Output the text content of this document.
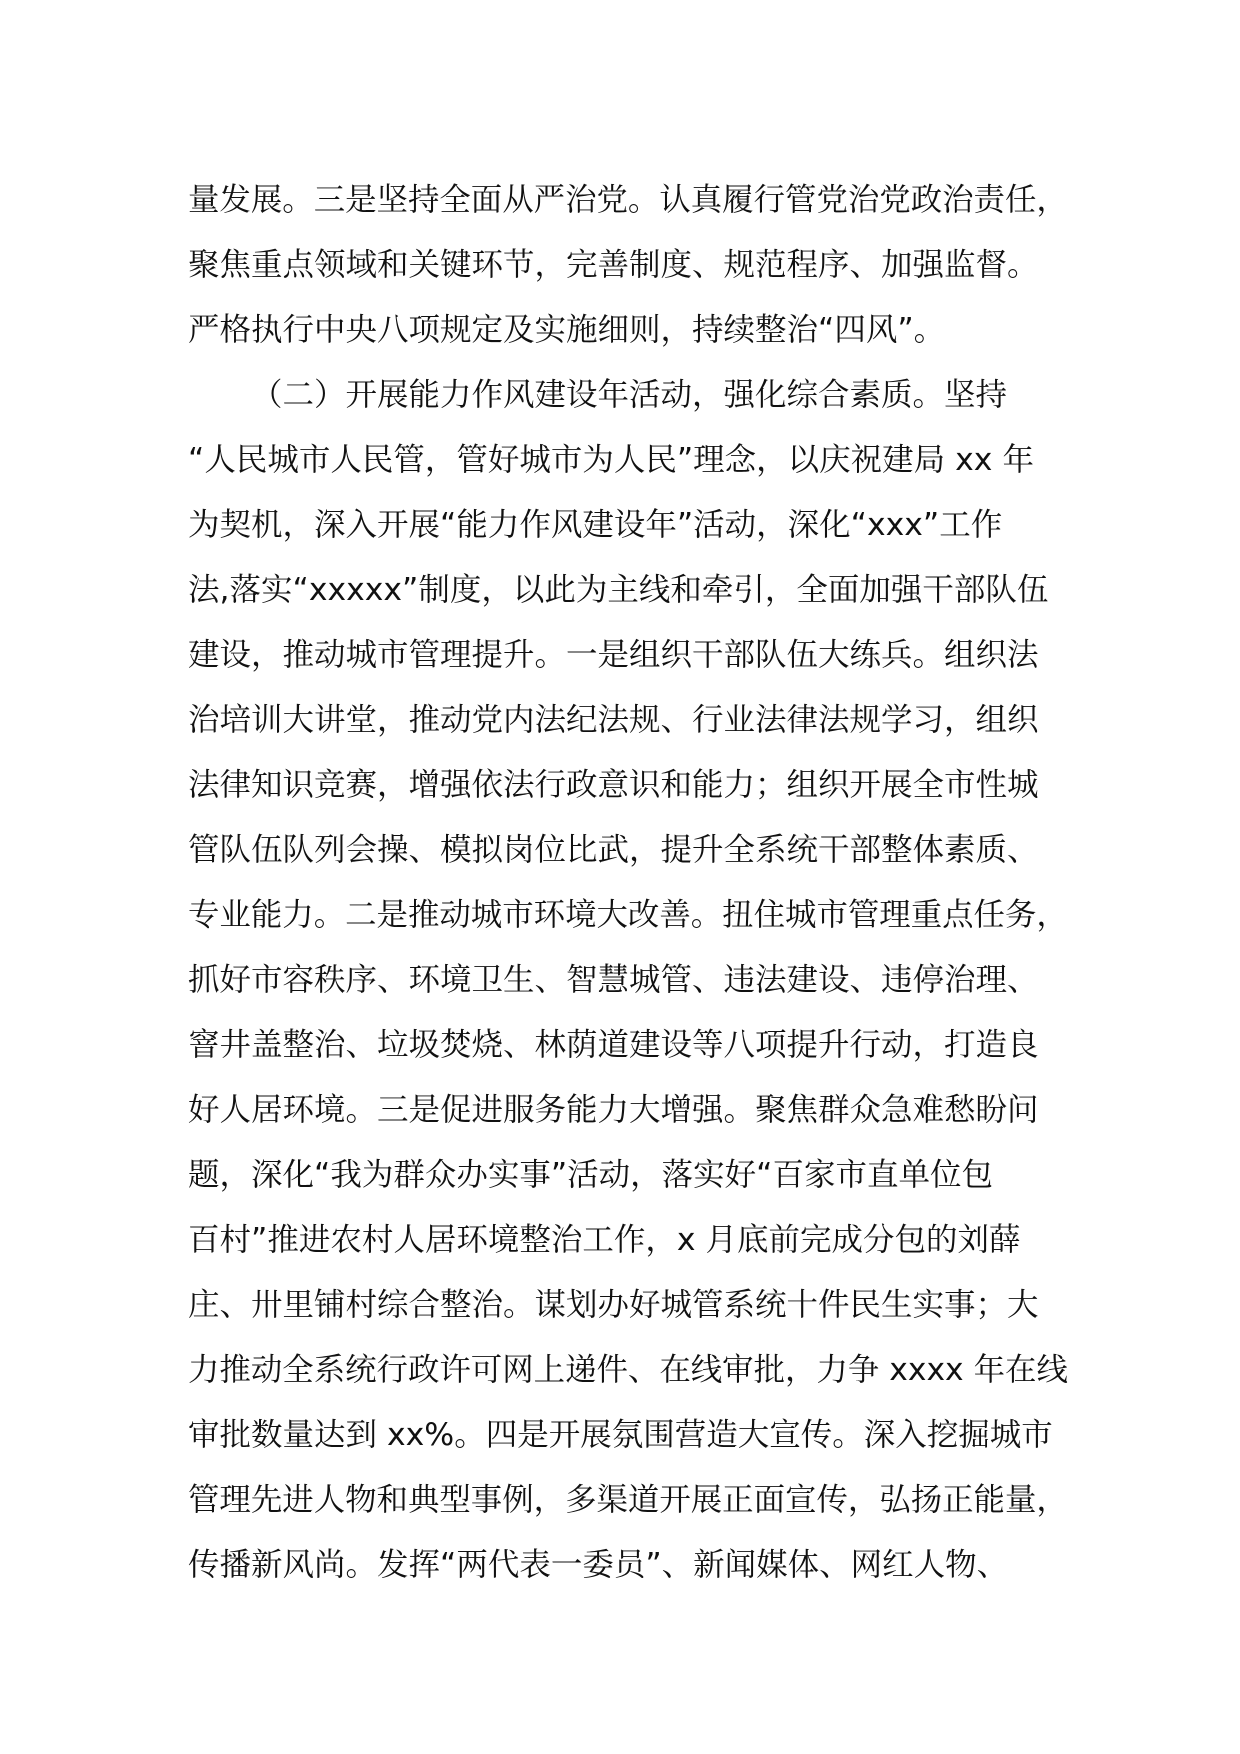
量发展。三是坚持全面从严治党。认真履行管党治党政治责任，
聚焦重点领域和关键环节，完善制度、规范程序、加强监督。
严格执行中央八项规定及实施细则，持续整治“四风”。
（二）开展能力作风建设年活动，强化综合素质。坚持
“人民城市人民管，管好城市为人民”理念，以庆祝建局 xx 年
为契机，深入开展“能力作风建设年”活动，深化“xxx”工作
法,落实“xxxxx”制度，以此为主线和牵引，全面加强干部队伍
建设，推动城市管理提升。一是组织干部队伍大练兵。组织法
治培训大讲堂，推动党内法纪法规、行业法律法规学习，组织
法律知识竞赛，增强依法行政意识和能力；组织开展全市性城
管队伍队列会操、模拟岗位比武，提升全系统干部整体素质、
专业能力。二是推动城市环境大改善。扭住城市管理重点任务，
抓好市容秩序、环境卫生、智慧城管、违法建设、违停治理、
窨井盖整治、垃圾焚烧、林荫道建设等八项提升行动，打造良
好人居环境。三是促进服务能力大增强。聚焦群众急难愁盼问
题，深化“我为群众办实事”活动，落实好“百家市直单位包
百村”推进农村人居环境整治工作，x 月底前完成分包的刘薛
庄、卅里铺村综合整治。谋划办好城管系统十件民生实事；大
力推动全系统行政许可网上递件、在线审批，力争 xxxx 年在线
审批数量达到 xx%。四是开展氛围营造大宣传。深入挖掘城市
管理先进人物和典型事例，多渠道开展正面宣传，弘扬正能量，
传播新风尚。发挥“两代表一委员”、新闻媒体、网红人物、
